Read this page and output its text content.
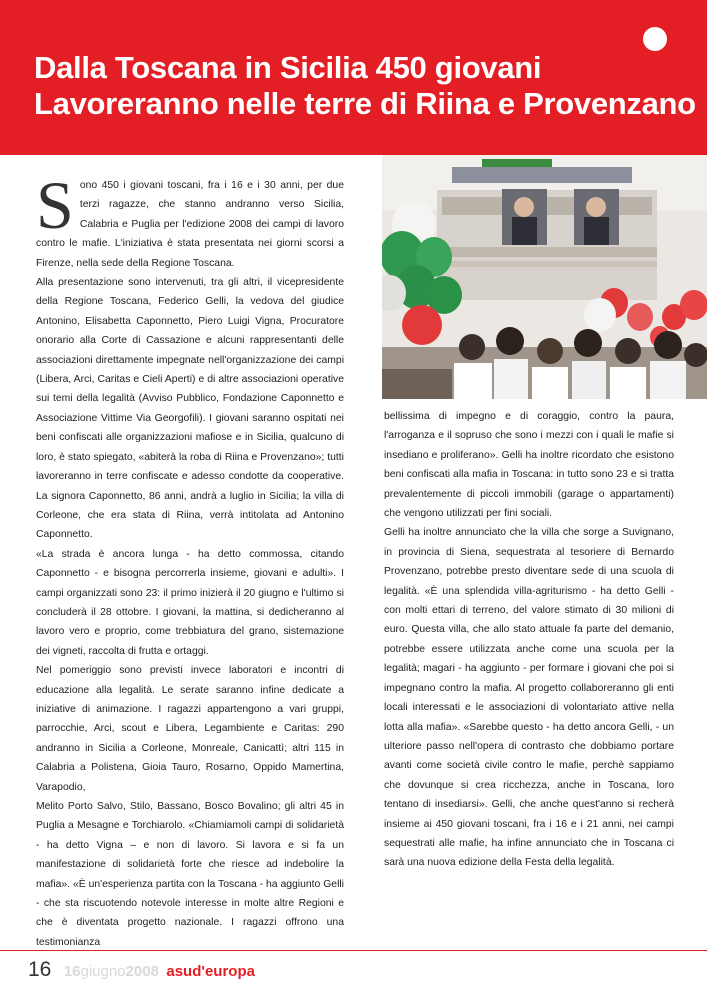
Dalla Toscana in Sicilia 450 giovani
Lavoreranno nelle terre di Riina e Provenzano

Sono 450 i giovani toscani, fra i 16 e i 30 anni, per due terzi ragazze, che stanno andranno verso Sicilia, Calabria e Puglia per l'edizione 2008 dei campi di lavoro contro le mafie. L'iniziativa è stata presentata nei giorni scorsi a Firenze, nella sede della Regione Toscana.

Alla presentazione sono intervenuti, tra gli altri, il vicepresidente della Regione Toscana, Federico Gelli, la vedova del giudice Antonino, Elisabetta Caponnetto, Piero Luigi Vigna, Procuratore onorario alla Corte di Cassazione e alcuni rappresentanti delle associazioni direttamente impegnate nell'organizzazione dei campi (Libera, Arci, Caritas e Cieli Aperti) e di altre associazioni operative sui temi della legalità (Avviso Pubblico, Fondazione Caponnetto e Associazione Vittime Via Georgofili). I giovani saranno ospitati nei beni confiscati alle organizzazioni mafiose e in Sicilia, qualcuno di loro, è stato spiegato, «abiterà la roba di Riina e Provenzano»; tutti lavoreranno in terre confiscate e adesso condotte da cooperative. La signora Caponnetto, 86 anni, andrà a luglio in Sicilia; la villa di Corleone, che era stata di Riina, verrà intitolata ad Antonino Caponnetto.

«La strada è ancora lunga - ha detto commossa, citando Caponnetto - e bisogna percorrerla insieme, giovani e adulti». I campi organizzati sono 23: il primo inizierà il 20 giugno e l'ultimo si concluderà il 28 ottobre. I giovani, la mattina, si dedicheranno al lavoro vero e proprio, come trebbiatura del grano, sistemazione dei vigneti, raccolta di frutta e ortaggi.

Nel pomeriggio sono previsti invece laboratori e incontri di educazione alla legalità. Le serate saranno infine dedicate a iniziative di animazione. I ragazzi appartengono a vari gruppi, parrocchie, Arci, scout e Libera, Legambiente e Caritas: 290 andranno in Sicilia a Corleone, Monreale, Canicattì; altri 115 in Calabria a Polistena, Gioia Tauro, Rosarno, Oppido Mamertina, Varapodio,

Melito Porto Salvo, Stilo, Bassano, Bosco Bovalino; gli altri 45 in Puglia a Mesagne e Torchiarolo. «Chiamiamoli campi di solidarietà - ha detto Vigna – e non di lavoro. Si lavora e si fa un manifestazione di solidarietà forte che riesce ad indebolire la mafia». «È un'esperienza partita con la Toscana - ha aggiunto Gelli - che sta riscuotendo notevole interesse in molte altre Regioni e che è diventata progetto nazionale. I ragazzi offrono una testimonianza

bellissima di impegno e di coraggio, contro la paura, l'arroganza e il sopruso che sono i mezzi con i quali le mafie si insediano e proliferano». Gelli ha inoltre ricordato che esistono beni confiscati alla mafia in Toscana: in tutto sono 23 e si tratta prevalentemente di piccoli immobili (garage o appartamenti) che vengono utilizzati per fini sociali.

Gelli ha inoltre annunciato che la villa che sorge a Suvignano, in provincia di Siena, sequestrata al tesoriere di Bernardo Provenzano, potrebbe presto diventare sede di una scuola di legalità. «È una splendida villa-agriturismo - ha detto Gelli - con molti ettari di terreno, del valore stimato di 30 milioni di euro. Questa villa, che allo stato attuale fa parte del demanio, potrebbe essere utilizzata anche come una scuola per la legalità; magari - ha aggiunto - per formare i giovani che poi si impegnano contro la mafia. Al progetto collaboreranno gli enti locali interessati e le associazioni di volontariato attive nella lotta alla mafia». «Sarebbe questo - ha detto ancora Gelli, - un ulteriore passo nell'opera di contrasto che dobbiamo portare avanti come società civile contro le mafie, perchè sappiamo che dovunque si crea ricchezza, anche in Toscana, loro tentano di insediarsi». Gelli, che anche quest'anno si recherà insieme ai 450 giovani toscani, fra i 16 e i 21 anni, nei campi sequestrati alle mafie, ha infine annunciato che in Toscana ci sarà una nuova edizione della Festa della legalità.

16 16giugno2008 asud'europa
